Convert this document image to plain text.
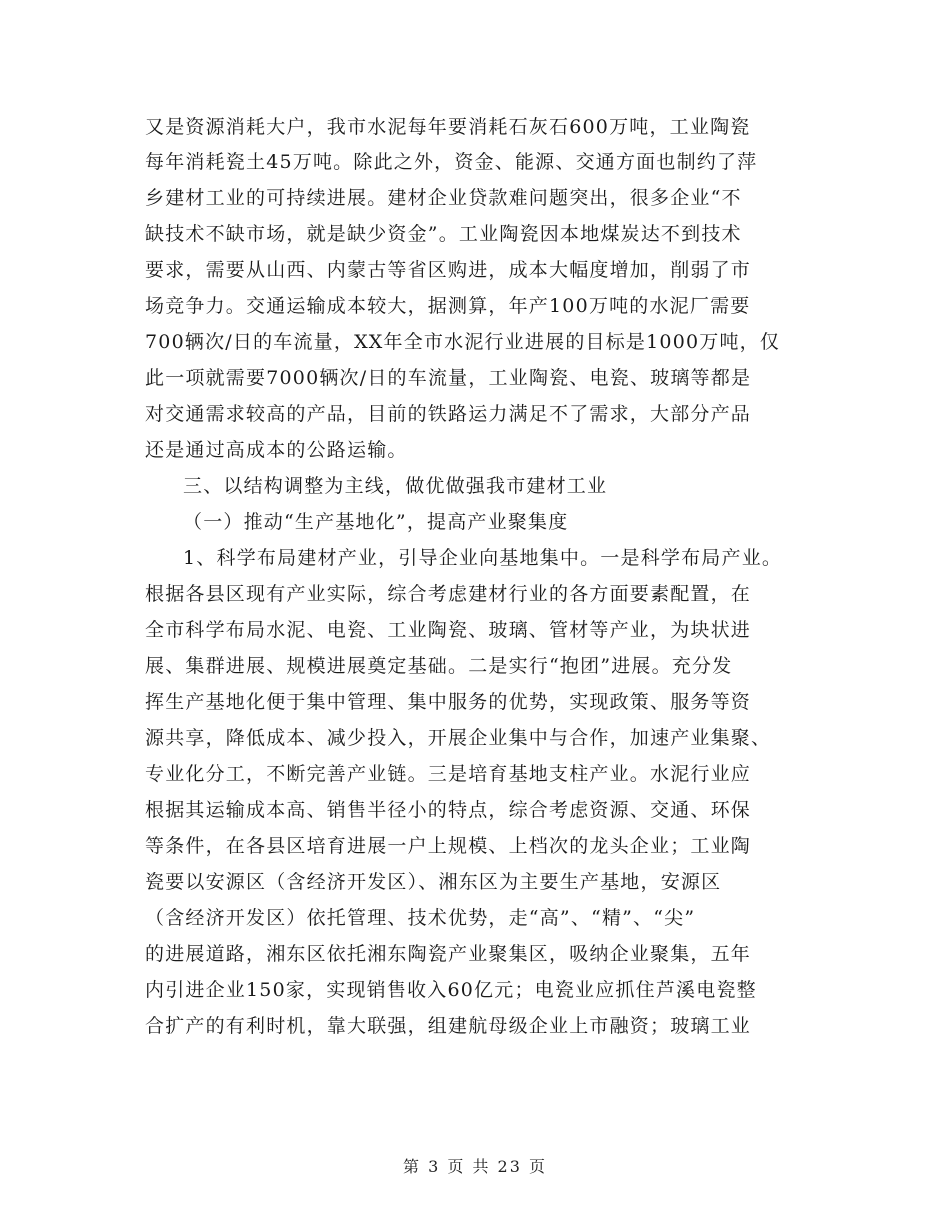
又是资源消耗大户，我市水泥每年要消耗石灰石600万吨，工业陶瓷
每年消耗瓷土45万吨。除此之外，资金、能源、交通方面也制约了萍
乡建材工业的可持续进展。建材企业贷款难问题突出，很多企业“不
缺技术不缺市场，就是缺少资金”。工业陶瓷因本地煤炭达不到技术
要求，需要从山西、内蒙古等省区购进，成本大幅度增加，削弱了市
场竞争力。交通运输成本较大，据测算，年产100万吨的水泥厂需要
700辆次/日的车流量，XX年全市水泥行业进展的目标是1000万吨，仅
此一项就需要7000辆次/日的车流量，工业陶瓷、电瓷、玻璃等都是
对交通需求较高的产品，目前的铁路运力满足不了需求，大部分产品
还是通过高成本的公路运输。
三、以结构调整为主线，做优做强我市建材工业
（一）推动“生产基地化”，提高产业聚集度
1、科学布局建材产业，引导企业向基地集中。一是科学布局产业。
根据各县区现有产业实际，综合考虑建材行业的各方面要素配置，在
全市科学布局水泥、电瓷、工业陶瓷、玻璃、管材等产业，为块状进
展、集群进展、规模进展奠定基础。二是实行“抱团”进展。充分发
挥生产基地化便于集中管理、集中服务的优势，实现政策、服务等资
源共享，降低成本、减少投入，开展企业集中与合作，加速产业集聚、
专业化分工，不断完善产业链。三是培育基地支柱产业。水泥行业应
根据其运输成本高、销售半径小的特点，综合考虑资源、交通、环保
等条件，在各县区培育进展一户上规模、上档次的龙头企业；工业陶
瓷要以安源区（含经济开发区）、湘东区为主要生产基地，安源区
（含经济开发区）依托管理、技术优势，走“高”、“精”、“尖”
的进展道路，湘东区依托湘东陶瓷产业聚集区，吸纳企业聚集，五年
内引进企业150家，实现销售收入60亿元；电瓷业应抓住芦溪电瓷整
合扩产的有利时机，靠大联强，组建航母级企业上市融资；玻璃工业
第 3 页 共 23 页
